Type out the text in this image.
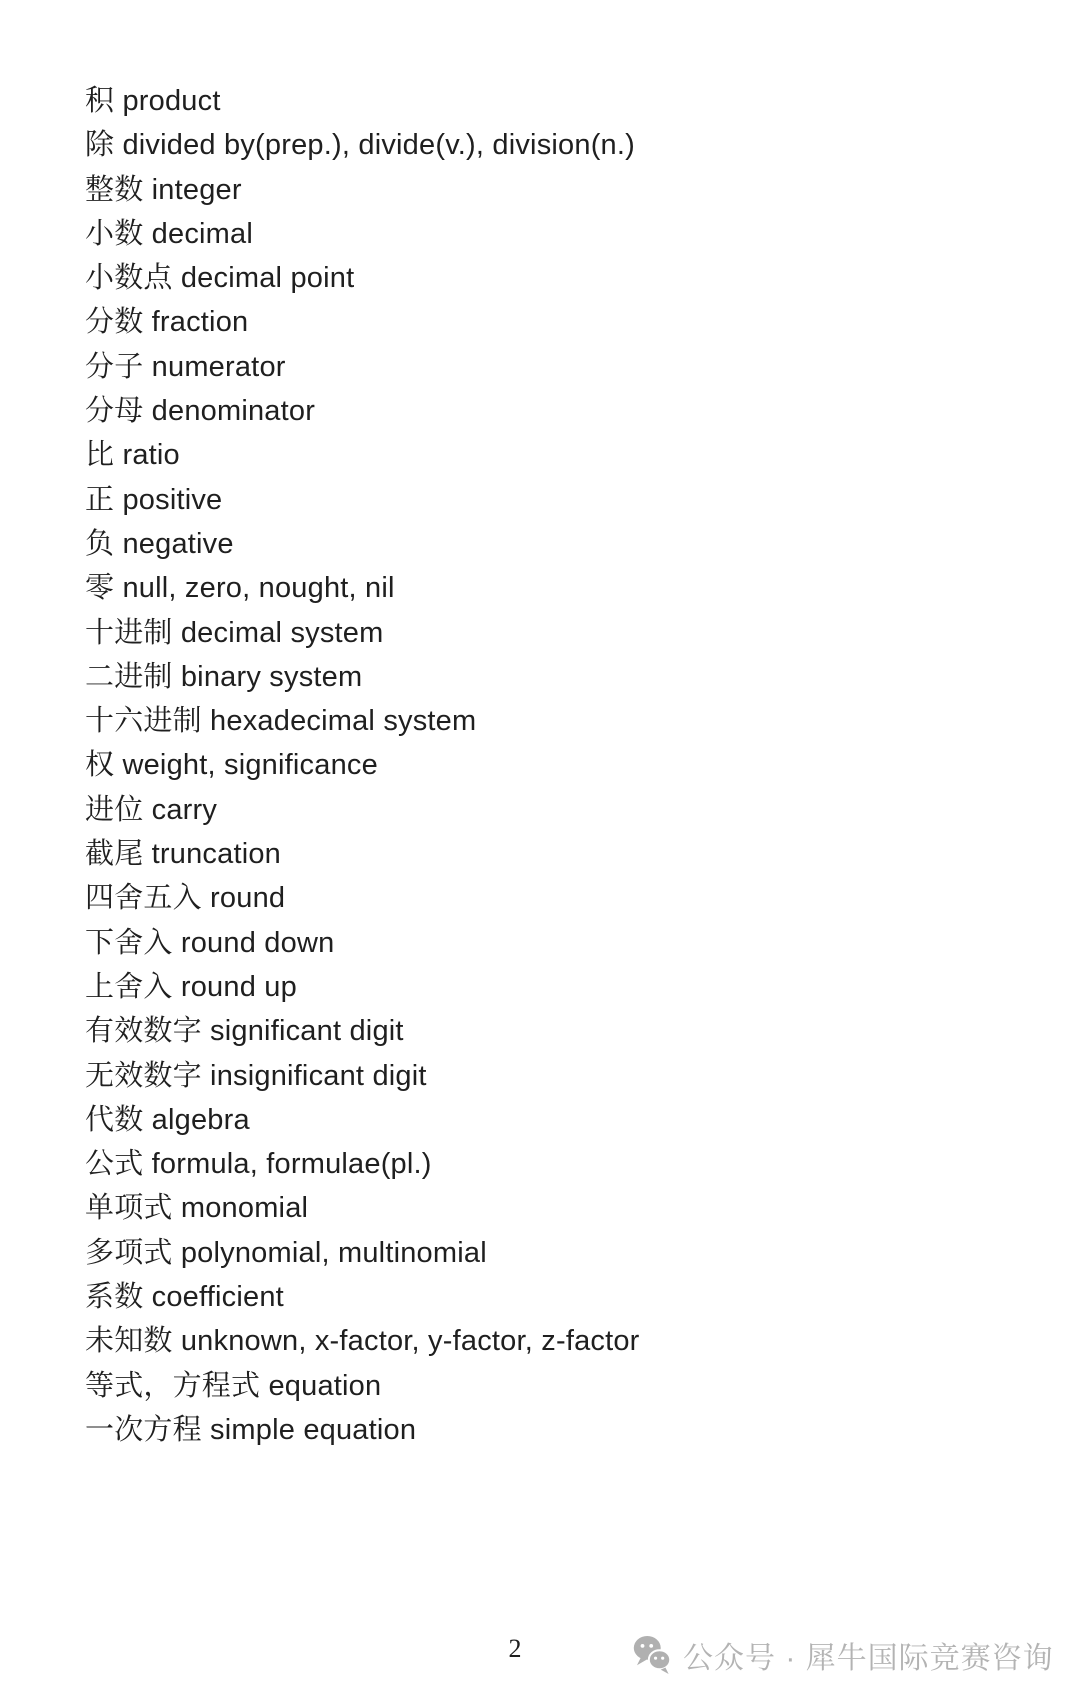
积 product
除 divided by(prep.), divide(v.), division(n.)
整数 integer
小数 decimal
小数点 decimal point
分数 fraction
分子 numerator
分母 denominator
比 ratio
正 positive
负 negative
零 null, zero, nought, nil
十进制 decimal system
二进制 binary system
十六进制 hexadecimal system
权 weight, significance
进位 carry
截尾 truncation
四舍五入 round
下舍入 round down
上舍入 round up
有效数字 significant digit
无效数字 insignificant digit
代数 algebra
公式 formula, formulae(pl.)
单项式 monomial
多项式 polynomial, multinomial
系数 coefficient
未知数 unknown, x-factor, y-factor, z-factor
等式，方程式 equation
一次方程 simple equation
2	公众号 · 犀牛国际竞赛咨询
